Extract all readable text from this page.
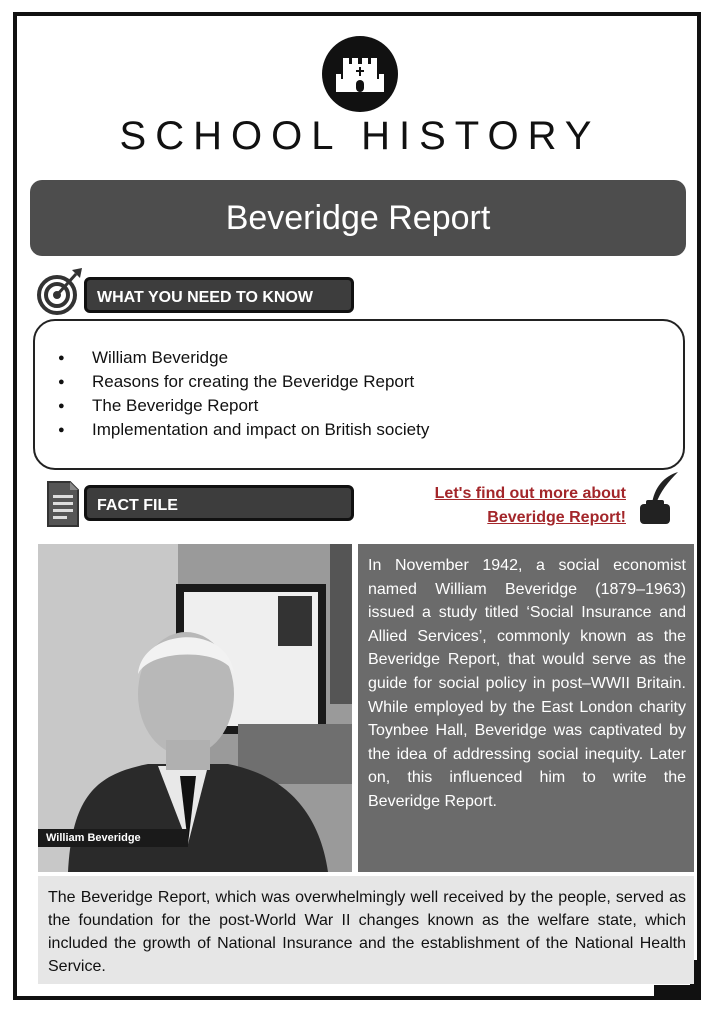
SCHOOL HISTORY
Beveridge Report
WHAT YOU NEED TO KNOW
● William Beveridge
● Reasons for creating the Beveridge Report
● The Beveridge Report
● Implementation and impact on British society
FACT FILE
Let's find out more about
Beveridge Report!
William Beveridge

In November 1942, a social economist named William Beveridge (1879–1963) issued a study titled ‘Social Insurance and Allied Services’, commonly known as the Beveridge Report, that would serve as the guide for social policy in post–WWII Britain. While employed by the East London charity Toynbee Hall, Beveridge was captivated by the idea of addressing social inequity. Later on, this influenced him to write the Beveridge Report.

The Beveridge Report, which was overwhelmingly well received by the people, served as the foundation for the post-World War II changes known as the welfare state, which included the growth of National Insurance and the establishment of the National Health Service.
